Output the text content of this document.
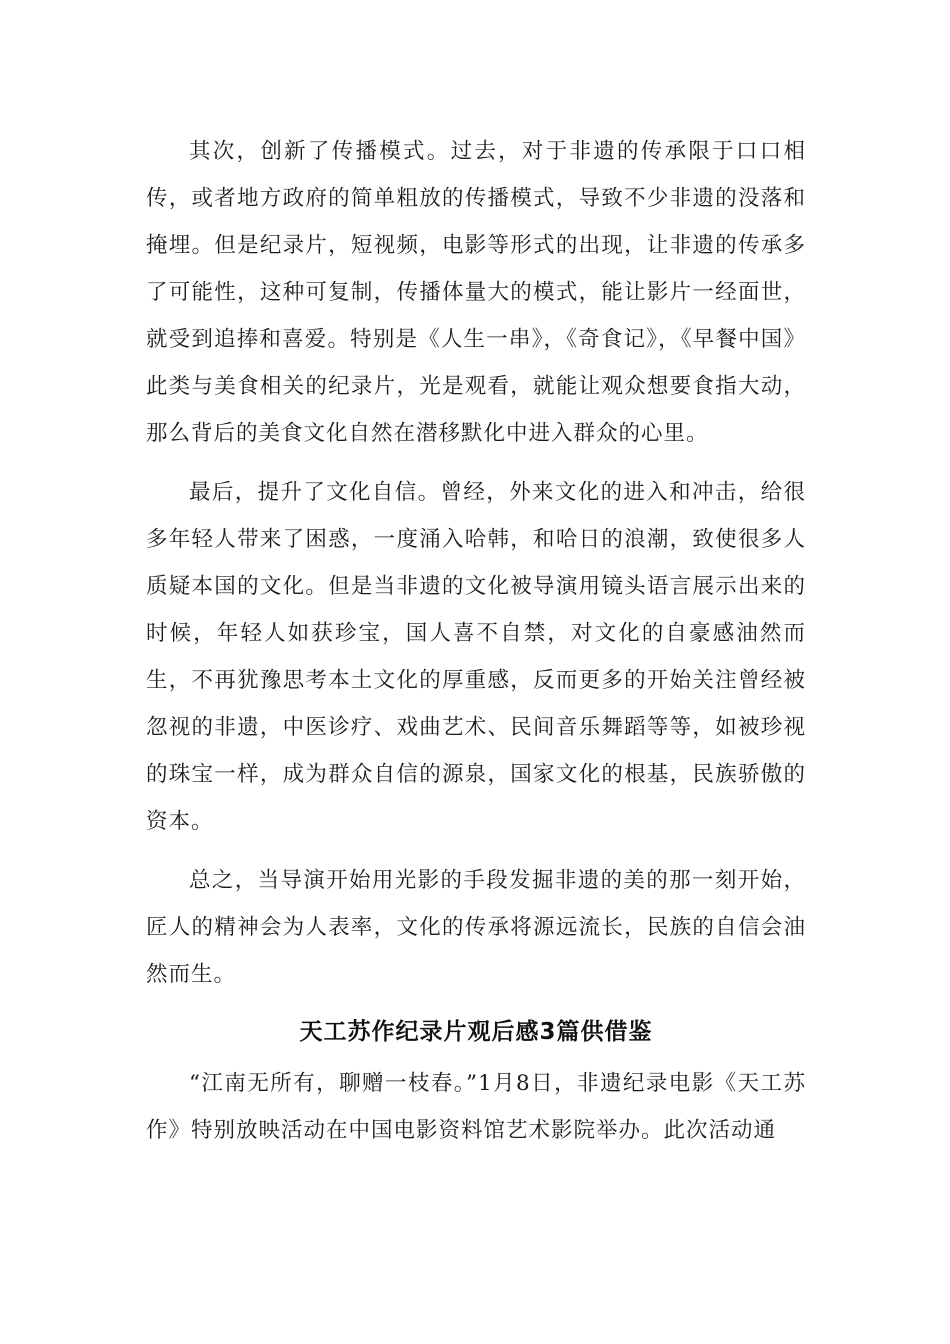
其次，创新了传播模式。过去，对于非遗的传承限于口口相传，或者地方政府的简单粗放的传播模式，导致不少非遗的没落和掩埋。但是纪录片，短视频，电影等形式的出现，让非遗的传承多了可能性，这种可复制，传播体量大的模式，能让影片一经面世，就受到追捧和喜爱。特别是《人生一串》，《奇食记》，《早餐中国》此类与美食相关的纪录片，光是观看，就能让观众想要食指大动，那么背后的美食文化自然在潜移默化中进入群众的心里。

最后，提升了文化自信。曾经，外来文化的进入和冲击，给很多年轻人带来了困惑，一度涌入哈韩，和哈日的浪潮，致使很多人质疑本国的文化。但是当非遗的文化被导演用镜头语言展示出来的时候，年轻人如获珍宝，国人喜不自禁，对文化的自豪感油然而生，不再犹豫思考本土文化的厚重感，反而更多的开始关注曾经被忽视的非遗，中医诊疗、戏曲艺术、民间音乐舞蹈等等，如被珍视的珠宝一样，成为群众自信的源泉，国家文化的根基，民族骄傲的资本。

总之，当导演开始用光影的手段发掘非遗的美的那一刻开始，匠人的精神会为人表率，文化的传承将源远流长，民族的自信会油然而生。

天工苏作纪录片观后感3篇供借鉴

“江南无所有，聊赠一枝春。”1月8日，非遗纪录电影《天工苏作》特别放映活动在中国电影资料馆艺术影院举办。此次活动通
